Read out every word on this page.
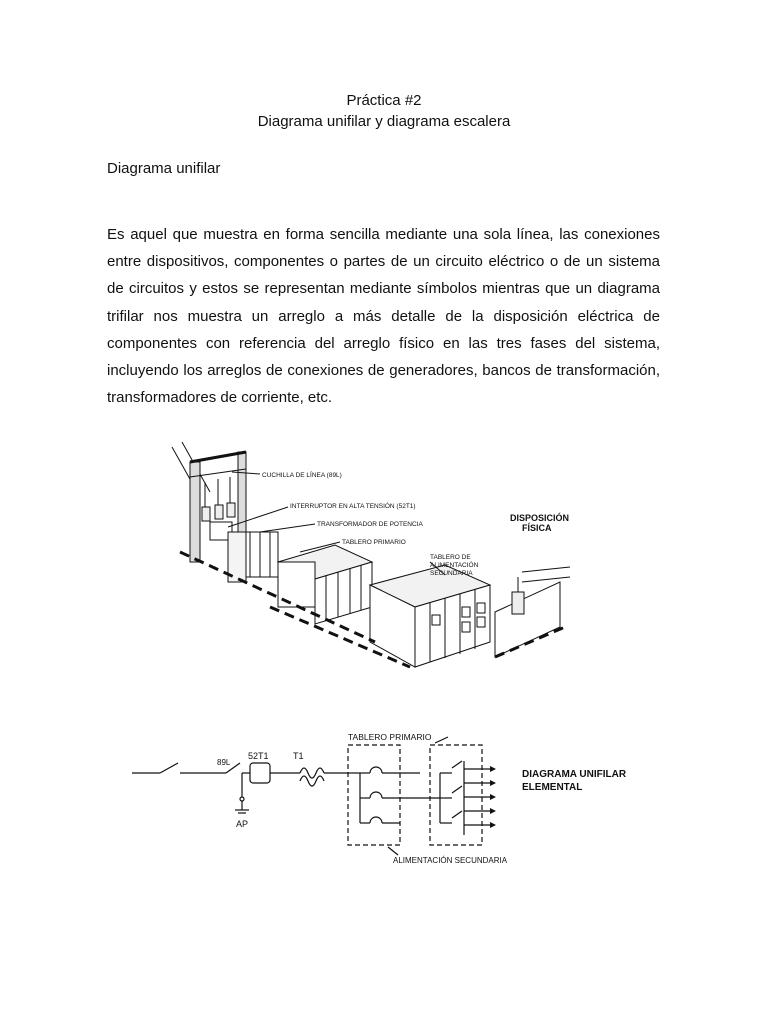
Práctica #2
Diagrama unifilar y diagrama escalera
Diagrama unifilar
Es aquel que muestra en forma sencilla mediante una sola línea, las conexiones entre dispositivos, componentes o partes de un circuito eléctrico o de un sistema de circuitos y estos se representan mediante símbolos mientras que un diagrama trifilar nos muestra un arreglo a más detalle de la disposición eléctrica de componentes con referencia del arreglo físico en las tres fases del sistema, incluyendo los arreglos de conexiones de generadores, bancos de transformación, transformadores de corriente, etc.
CUCHILLA DE LÍNEA (89L)
INTERRUPTOR EN ALTA TENSIÓN (52T1)
TRANSFORMADOR DE POTENCIA
TABLERO PRIMARIO
TABLERO DE
ALIMENTACIÓN
SECUNDARIA
DISPOSICIÓN
FÍSICA
89L
52T1	T1
AP
TABLERO PRIMARIO
ALIMENTACIÓN SECUNDARIA
DIAGRAMA UNIFILAR
ELEMENTAL
